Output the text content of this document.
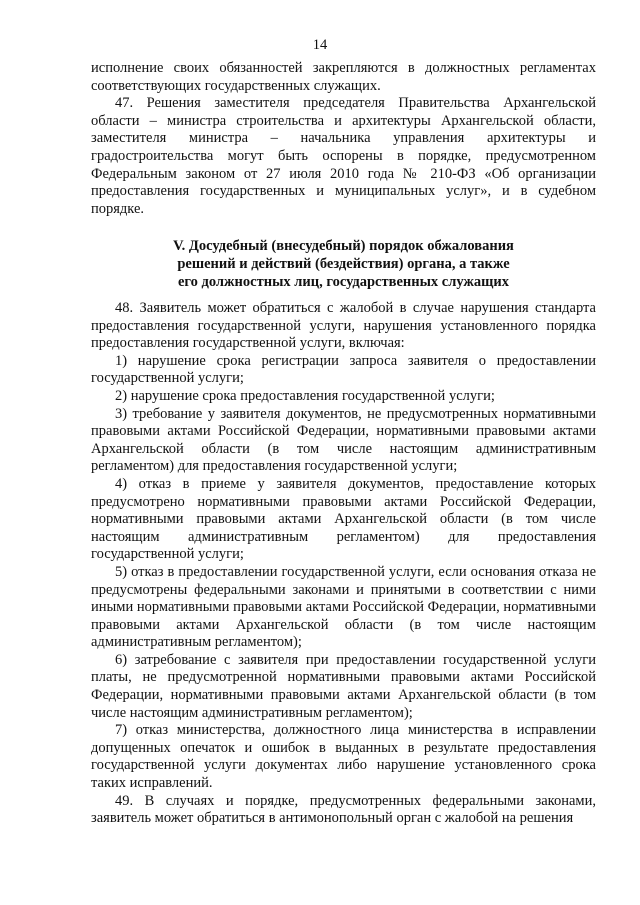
14

исполнение своих обязанностей закрепляются в должностных регламентах соответствующих государственных служащих.

47. Решения заместителя председателя Правительства Архангельской области – министра строительства и архитектуры Архангельской области, заместителя министра – начальника управления архитектуры и градостроительства могут быть оспорены в порядке, предусмотренном Федеральным законом от 27 июля 2010 года № 210-ФЗ «Об организации предоставления государственных и муниципальных услуг», и в судебном порядке.

V. Досудебный (внесудебный) порядок обжалования
решений и действий (бездействия) органа, а также
его должностных лиц, государственных служащих

48. Заявитель может обратиться с жалобой в случае нарушения стандарта предоставления государственной услуги, нарушения установленного порядка предоставления государственной услуги, включая:

1) нарушение срока регистрации запроса заявителя о предоставлении государственной услуги;

2) нарушение срока предоставления государственной услуги;

3) требование у заявителя документов, не предусмотренных нормативными правовыми актами Российской Федерации, нормативными правовыми актами Архангельской области (в том числе настоящим административным регламентом) для предоставления государственной услуги;

4) отказ в приеме у заявителя документов, предоставление которых предусмотрено нормативными правовыми актами Российской Федерации, нормативными правовыми актами Архангельской области (в том числе настоящим административным регламентом) для предоставления государственной услуги;

5) отказ в предоставлении государственной услуги, если основания отказа не предусмотрены федеральными законами и принятыми в соответствии с ними иными нормативными правовыми актами Российской Федерации, нормативными правовыми актами Архангельской области (в том числе настоящим административным регламентом);

6) затребование с заявителя при предоставлении государственной услуги платы, не предусмотренной нормативными правовыми актами Российской Федерации, нормативными правовыми актами Архангельской области (в том числе настоящим административным регламентом);

7) отказ министерства, должностного лица министерства в исправлении допущенных опечаток и ошибок в выданных в результате предоставления государственной услуги документах либо нарушение установленного срока таких исправлений.

49. В случаях и порядке, предусмотренных федеральными законами, заявитель может обратиться в антимонопольный орган с жалобой на решения
